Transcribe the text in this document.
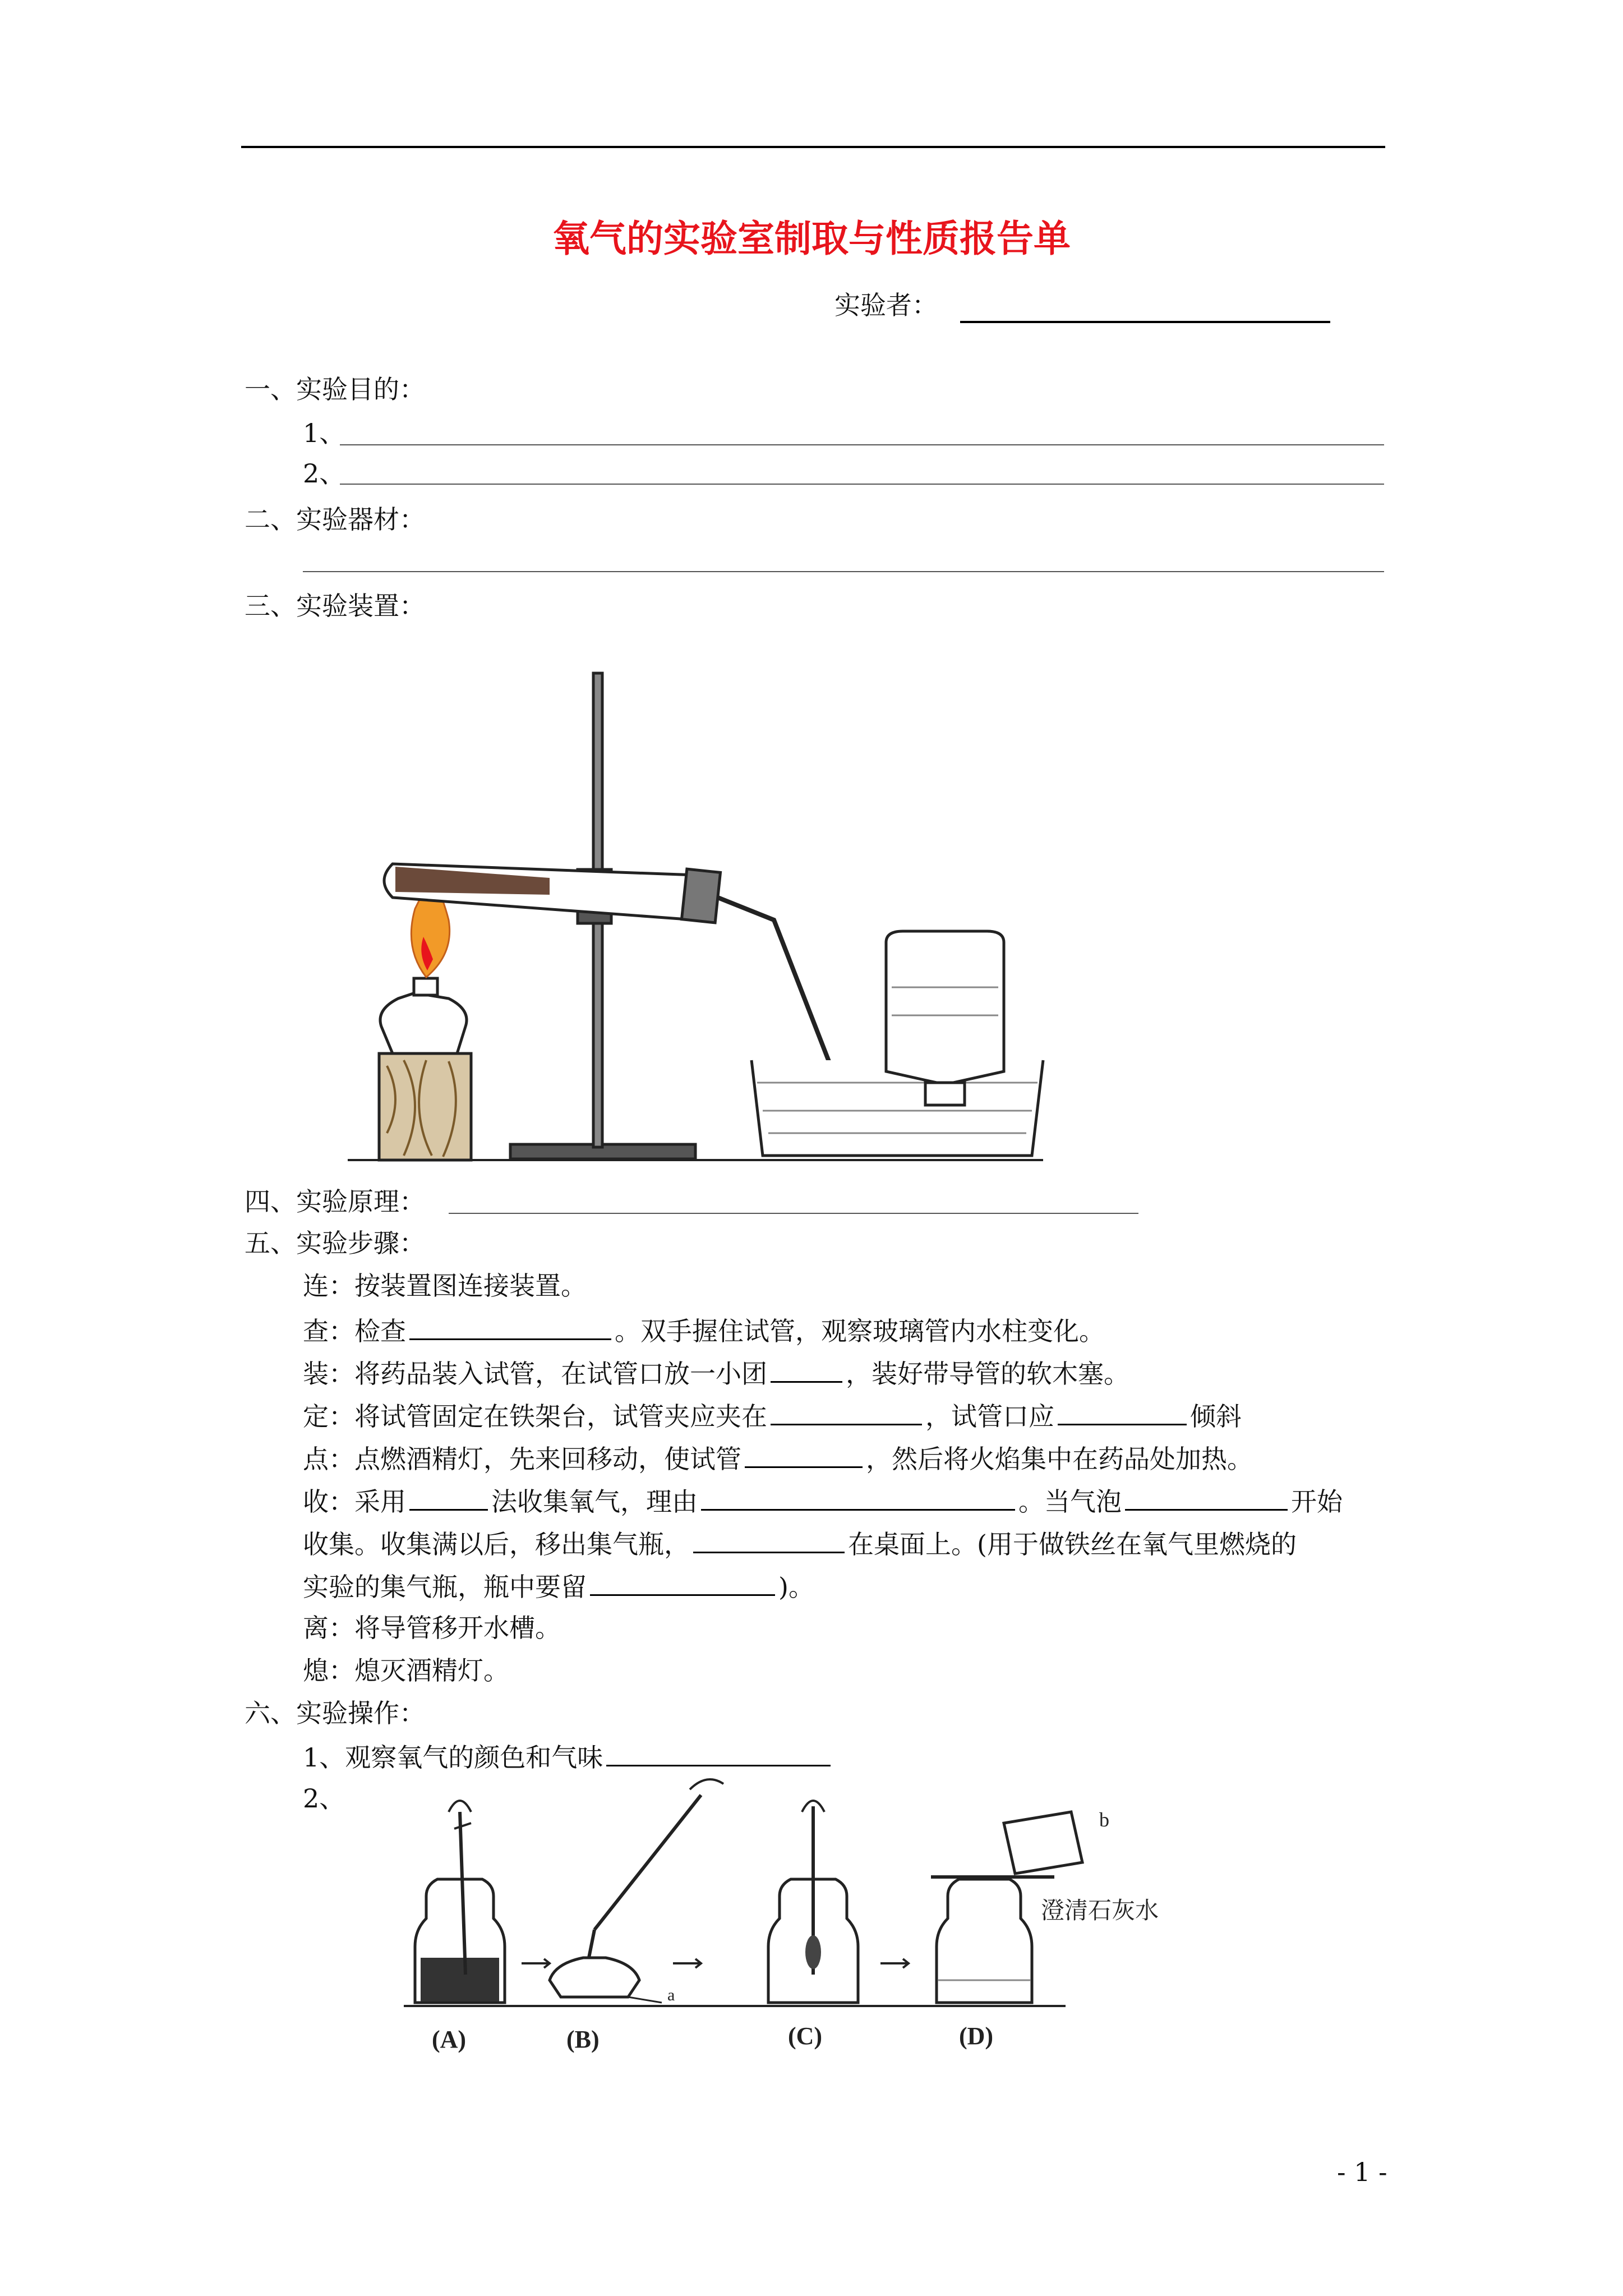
氧气的实验室制取与性质报告单
实验者：
一、实验目的：
1、
2、
二、实验器材：
三、实验装置：
四、实验原理：
五、实验步骤：
连：按装置图连接装置。
查：检查	。双手握住试管，观察玻璃管内水柱变化。
装：将药品装入试管，在试管口放一小团	，装好带导管的软木塞。
定：将试管固定在铁架台，试管夹应夹在	，试管口应	倾斜
点：点燃酒精灯，先来回移动，使试管	，然后将火焰集中在药品处加热。
收：采用	法收集氧气，理由	。当气泡	开始
收集。收集满以后，移出集气瓶，	在桌面上。(用于做铁丝在氧气里燃烧的
实验的集气瓶，瓶中要留	)。
离：将导管移开水槽。
熄：熄灭酒精灯。
六、实验操作：
1、观察氧气的颜色和气味
2、
b
a
澄清石灰水
(A)	(B)	(C)	(D)
- 1 -
